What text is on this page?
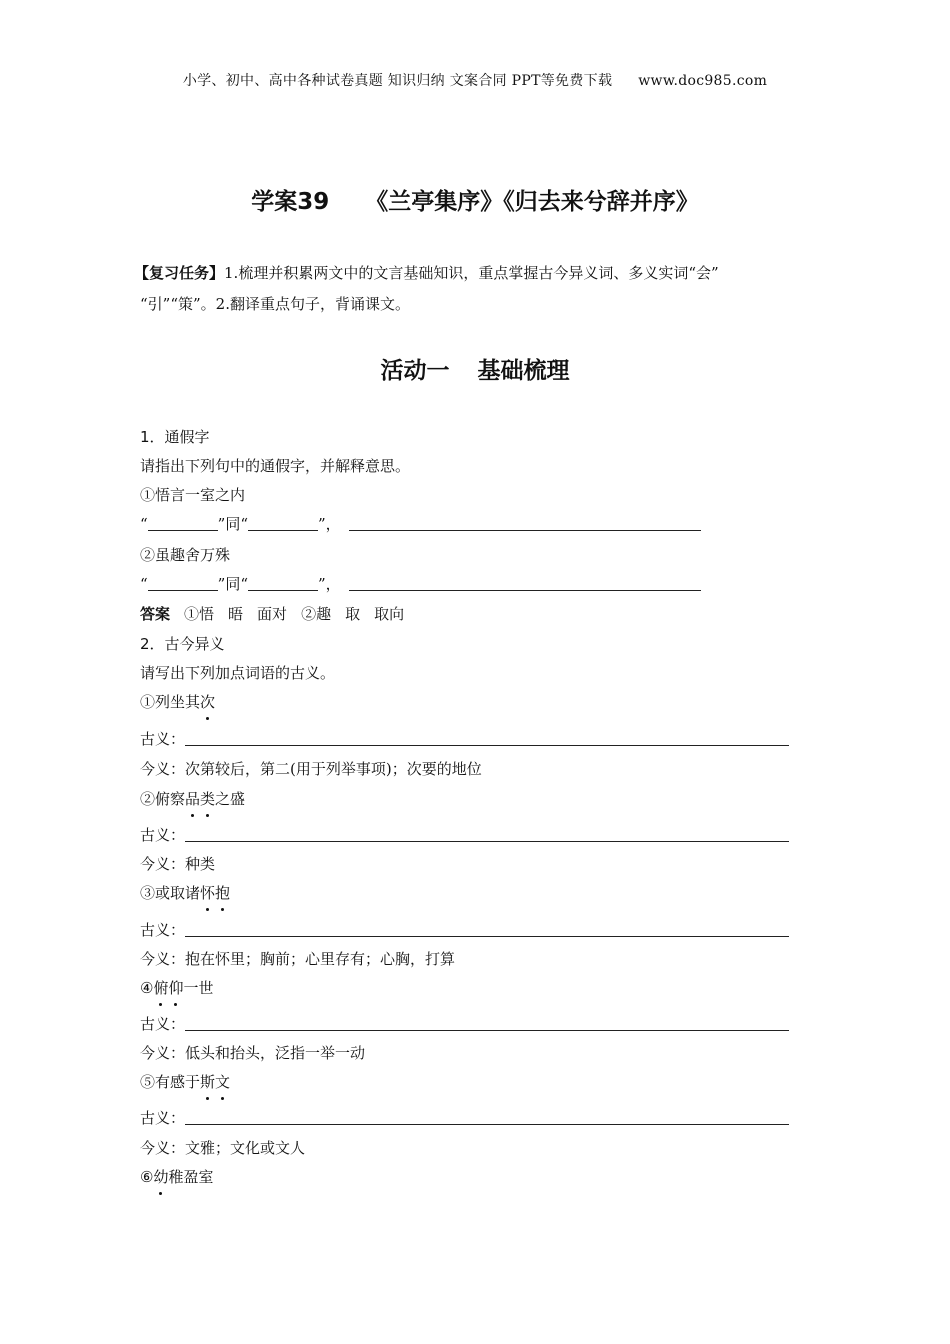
小学、初中、高中各种试卷真题 知识归纳 文案合同 PPT等免费下载 www.doc985.com
学案39 《兰亭集序》《归去来兮辞并序》
【复习任务】1.梳理并积累两文中的文言基础知识，重点掌握古今异义词、多义实词“会”
“引”“策”。2.翻译重点句子，背诵课文。
活动一 基础梳理
1．通假字
请指出下列句中的通假字，并解释意思。
①悟言一室之内
“	”同“	”，
②虽趣舍万殊
“	”同“	”，
答案 ①悟 晤 面对 ②趣 取 取向
2．古今异义
请写出下列加点词语的古义。
①列坐其次
古义：
今义：次第较后，第二(用于列举事项)；次要的地位
②俯察品类之盛
古义：
今义：种类
③或取诸怀抱
古义：
今义：抱在怀里；胸前；心里存有；心胸，打算
④俯仰一世
古义：
今义：低头和抬头，泛指一举一动
⑤有感于斯文
古义：
今义：文雅；文化或文人
⑥幼稚盈室
